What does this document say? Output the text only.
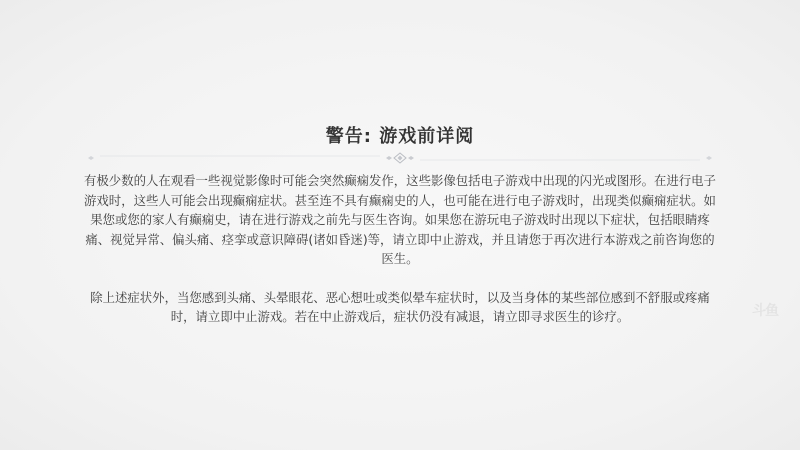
警告: 游戏前详阅

有极少数的人在观看一些视觉影像时可能会突然癫痫发作，这些影像包括电子游戏中出现的闪光或图形。在进行电子游戏时，这些人可能会出现癫痫症状。甚至连不具有癫痫史的人，也可能在进行电子游戏时，出现类似癫痫症状。如果您或您的家人有癫痫史，请在进行游戏之前先与医生咨询。如果您在游玩电子游戏时出现以下症状，包括眼睛疼痛、视觉异常、偏头痛、痉挛或意识障碍(诸如昏迷)等，请立即中止游戏，并且请您于再次进行本游戏之前咨询您的医生。

除上述症状外，当您感到头痛、头晕眼花、恶心想吐或类似晕车症状时，以及当身体的某些部位感到不舒服或疼痛时，请立即中止游戏。若在中止游戏后，症状仍没有减退，请立即寻求医生的诊疗。	斗鱼
